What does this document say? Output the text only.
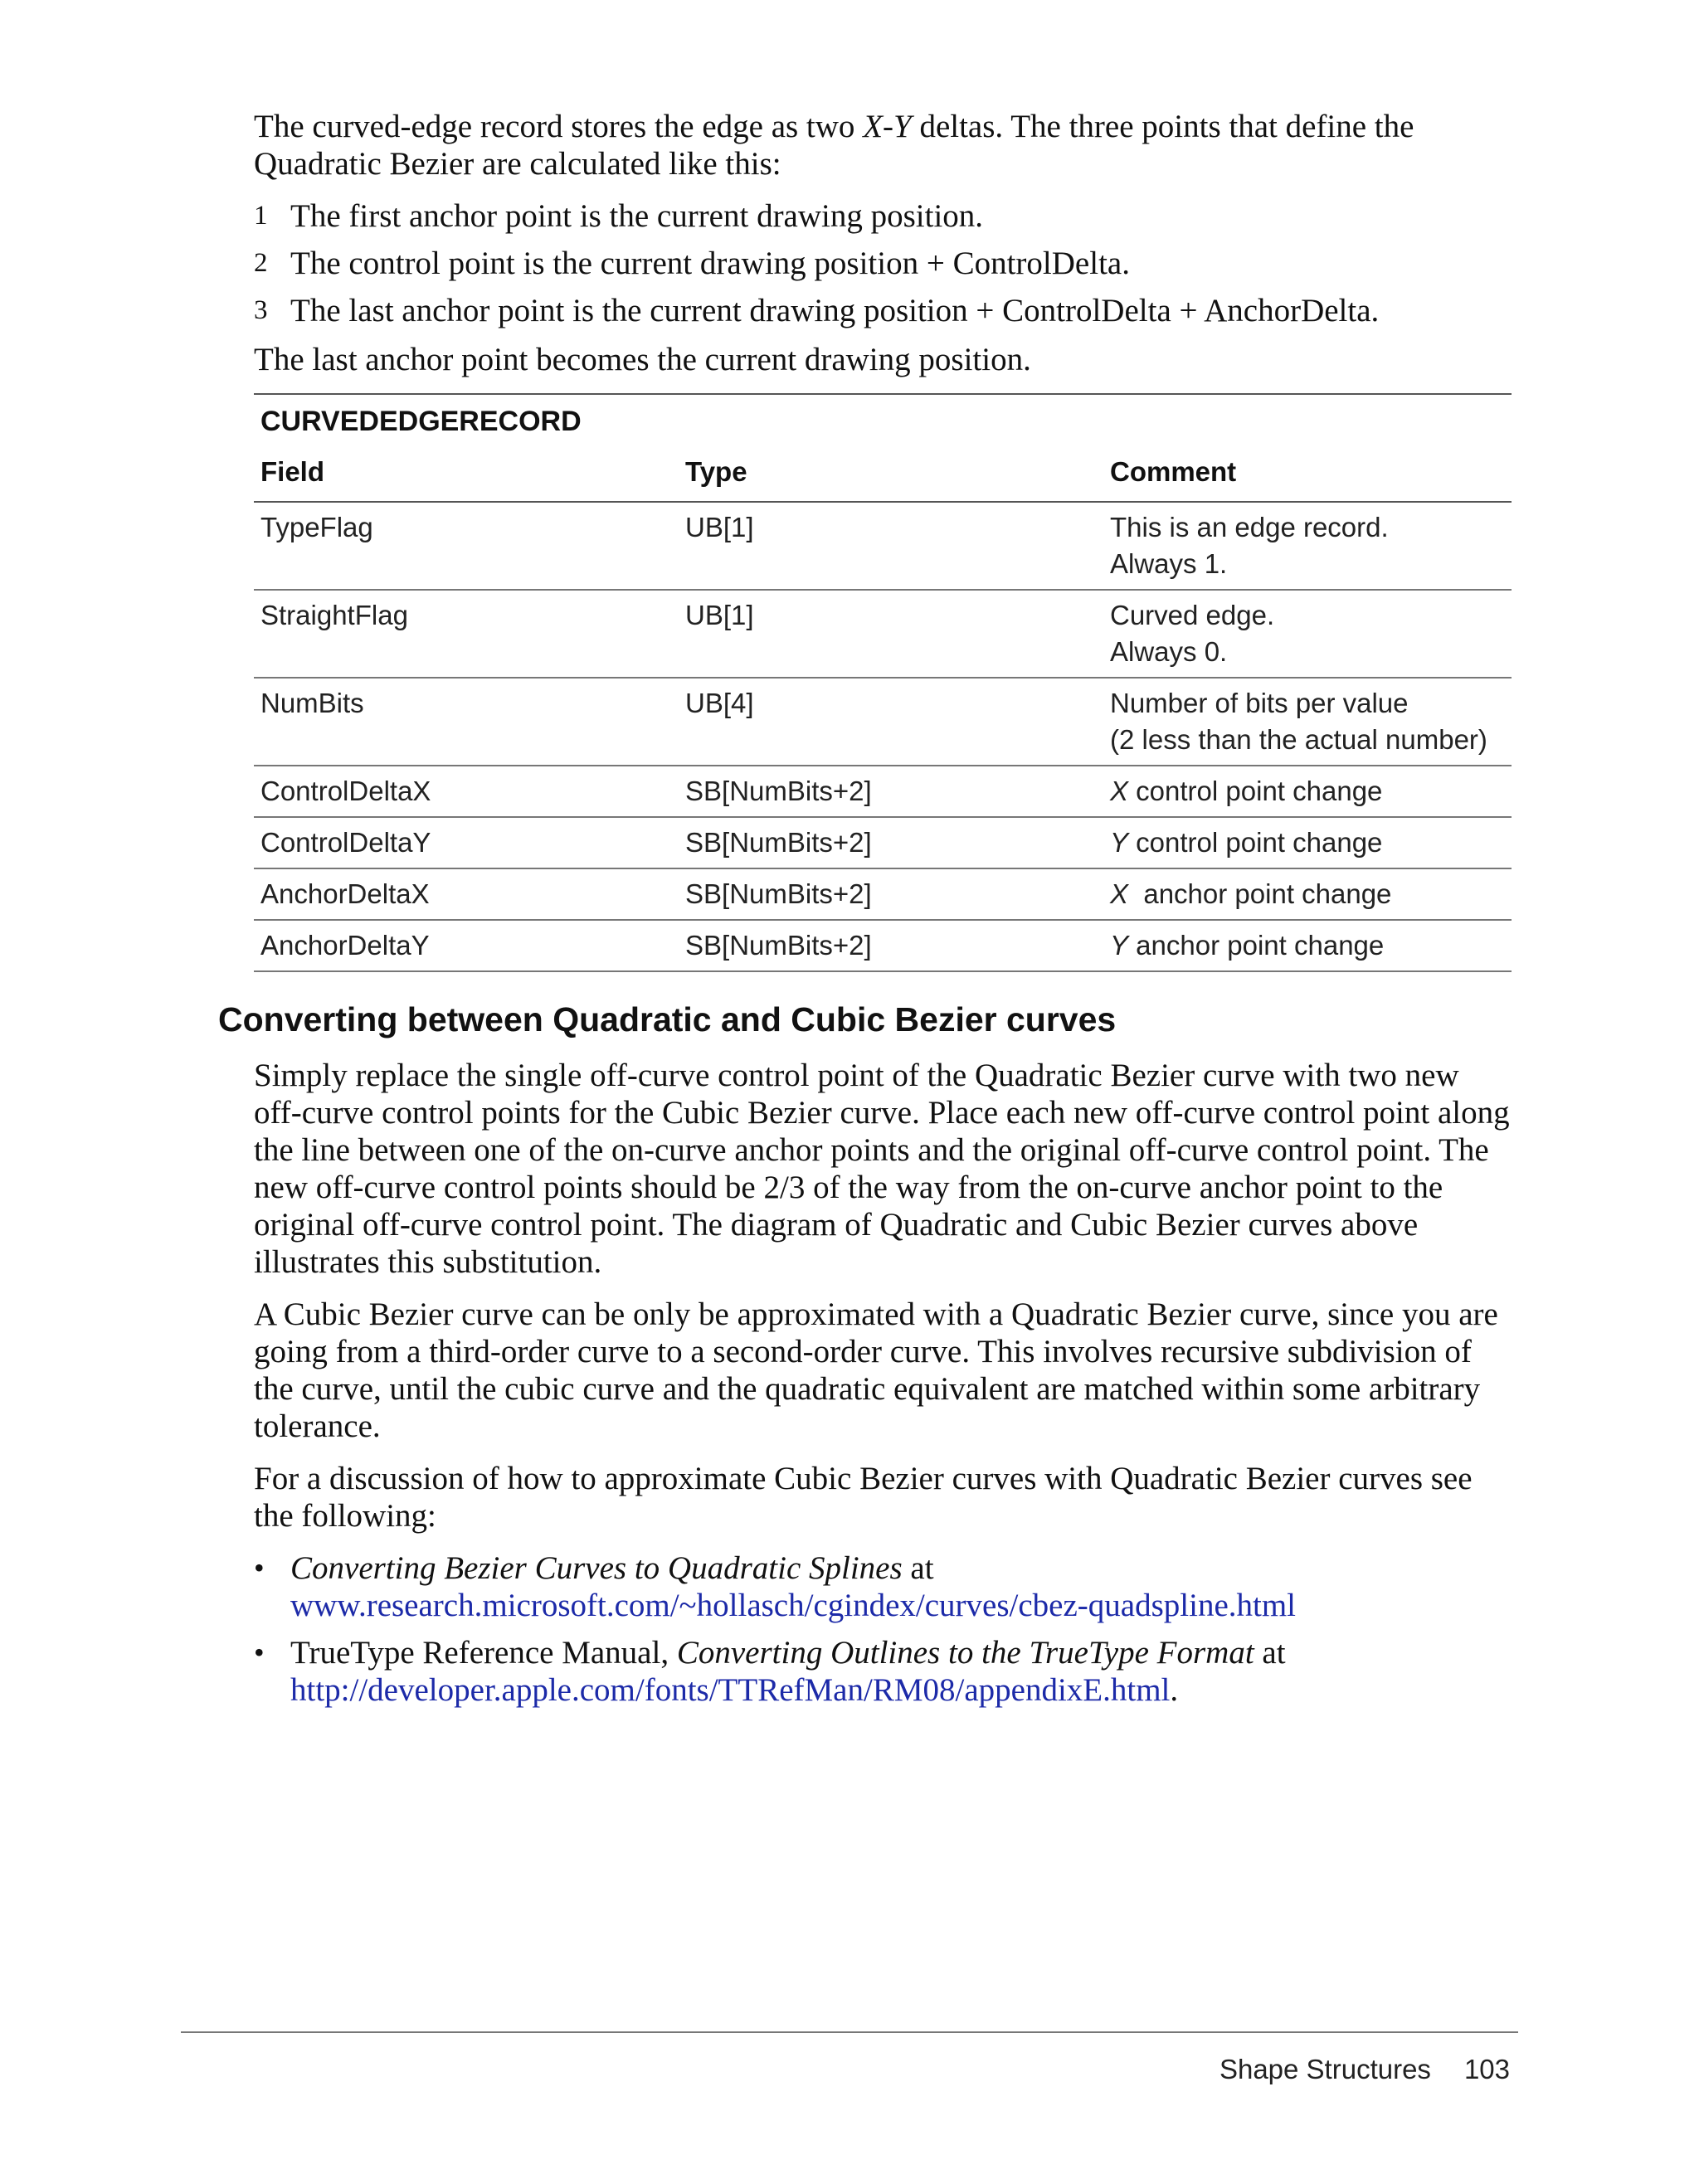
The curved-edge record stores the edge as two X-Y deltas. The three points that define the Quadratic Bezier are calculated like this:

1 The first anchor point is the current drawing position.
2 The control point is the current drawing position + ControlDelta.
3 The last anchor point is the current drawing position + ControlDelta + AnchorDelta.

The last anchor point becomes the current drawing position.

CURVEDEDGERECORD
Field	Type	Comment
TypeFlag	UB[1]	This is an edge record.
Always 1.

StraightFlag	UB[1]	Curved edge.
Always 0.

NumBits	UB[4]	Number of bits per value
(2 less than the actual number)

ControlDeltaX	SB[NumBits+2]	X control point change
ControlDeltaY	SB[NumBits+2]	Y control point change
AnchorDeltaX	SB[NumBits+2]	X  anchor point change
AnchorDeltaY	SB[NumBits+2]	Y anchor point change
Converting between Quadratic and Cubic Bezier curves

Simply replace the single off-curve control point of the Quadratic Bezier curve with two new off-curve control points for the Cubic Bezier curve. Place each new off-curve control point along the line between one of the on-curve anchor points and the original off-curve control point. The new off-curve control points should be 2/3 of the way from the on-curve anchor point to the original off-curve control point. The diagram of Quadratic and Cubic Bezier curves above illustrates this substitution.

A Cubic Bezier curve can be only be approximated with a Quadratic Bezier curve, since you are going from a third-order curve to a second-order curve. This involves recursive subdivision of the curve, until the cubic curve and the quadratic equivalent are matched within some arbitrary tolerance.

For a discussion of how to approximate Cubic Bezier curves with Quadratic Bezier curves see the following:

• Converting Bezier Curves to Quadratic Splines at www.research.microsoft.com/~hollasch/cgindex/curves/cbez-quadspline.html
• TrueType Reference Manual, Converting Outlines to the TrueType Format at http://developer.apple.com/fonts/TTRefMan/RM08/appendixE.html.
Shape Structures 103
